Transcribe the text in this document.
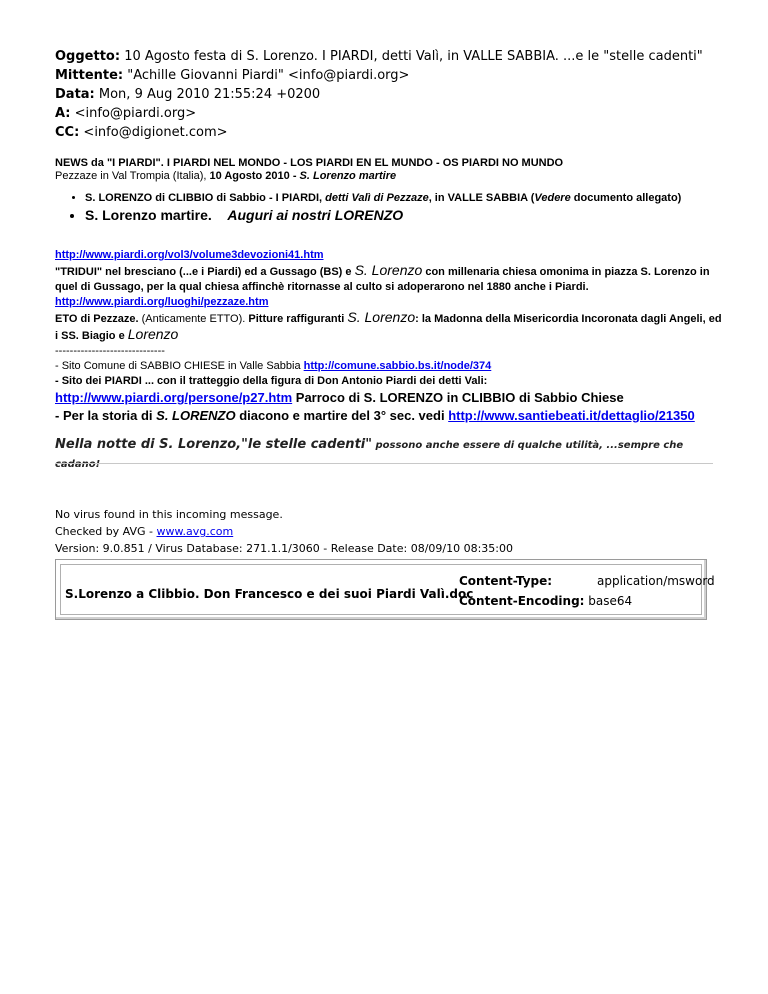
Oggetto: 10 Agosto festa di S. Lorenzo. I PIARDI, detti Valì, in VALLE SABBIA. ...e le "stelle cadenti"
Mittente: "Achille Giovanni Piardi" <info@piardi.org>
Data: Mon, 9 Aug 2010 21:55:24 +0200
A: <info@piardi.org>
CC: <info@digionet.com>
NEWS da "I PIARDI". I PIARDI NEL MONDO - LOS PIARDI EN EL MUNDO - OS PIARDI NO MUNDO
Pezzaze in Val Trompia (Italia), 10 Agosto 2010 - S. Lorenzo martire
• S. LORENZO di CLIBBIO di Sabbio - I PIARDI, detti Valì di Pezzaze, in VALLE SABBIA (Vedere documento allegato)
• S. Lorenzo martire. Auguri ai nostri LORENZO
http://www.piardi.org/vol3/volume3devozioni41.htm
"TRIDUI" nel bresciano (...e i Piardi) ed a Gussago (BS) e S. Lorenzo con millenaria chiesa omonima in piazza S. Lorenzo in quel di Gussago, per la qual chiesa affinchè ritornasse al culto si adoperarono nel 1880 anche i Piardi.
http://www.piardi.org/luoghi/pezzaze.htm
ETO di Pezzaze. (Anticamente ETTO). Pitture raffiguranti S. Lorenzo: la Madonna della Misericordia Incoronata dagli Angeli, ed i SS. Biagio e Lorenzo
------------------------------
- Sito Comune di SABBIO CHIESE in Valle Sabbia http://comune.sabbio.bs.it/node/374
- Sito dei PIARDI ... con il tratteggio della figura di Don Antonio Piardi dei detti Vali: http://www.piardi.org/persone/p27.htm Parroco di S. LORENZO in CLIBBIO di Sabbio Chiese
- Per la storia di S. LORENZO diacono e martire del 3° sec. vedi http://www.santiebeati.it/dettaglio/21350
Nella notte di S. Lorenzo,"le stelle cadenti" possono anche essere di qualche utilità, ...sempre che cadano!
No virus found in this incoming message.
Checked by AVG - www.avg.com
Version: 9.0.851 / Virus Database: 271.1.1/3060 - Release Date: 08/09/10 08:35:00
S.Lorenzo a Clibbio. Don Francesco e dei suoi Piardi Valì.doc
Content-Type:	application/msword
Content-Encoding: base64
